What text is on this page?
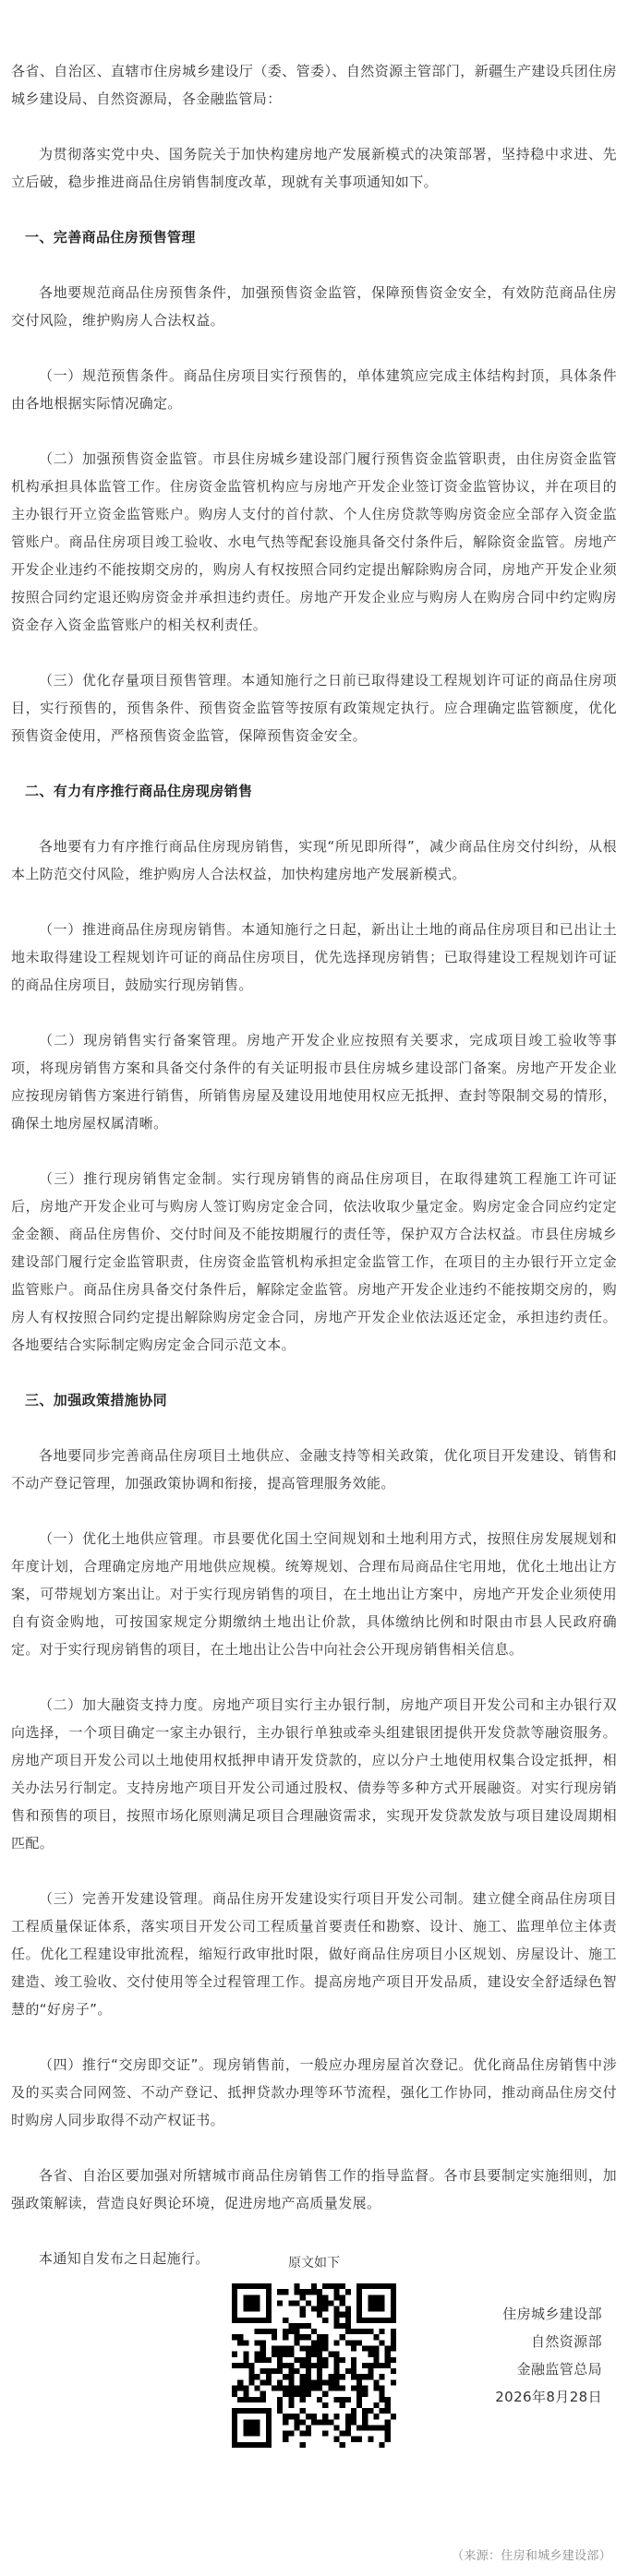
各省、自治区、直辖市住房城乡建设厅（委、管委）、自然资源主管部门，新疆生产建设兵团住房城乡建设局、自然资源局，各金融监管局：

为贯彻落实党中央、国务院关于加快构建房地产发展新模式的决策部署，坚持稳中求进、先立后破，稳步推进商品住房销售制度改革，现就有关事项通知如下。

一、完善商品住房预售管理

各地要规范商品住房预售条件，加强预售资金监管，保障预售资金安全，有效防范商品住房交付风险，维护购房人合法权益。

（一）规范预售条件。商品住房项目实行预售的，单体建筑应完成主体结构封顶，具体条件由各地根据实际情况确定。

（二）加强预售资金监管。市县住房城乡建设部门履行预售资金监管职责，由住房资金监管机构承担具体监管工作。住房资金监管机构应与房地产开发企业签订资金监管协议，并在项目的主办银行开立资金监管账户。购房人支付的首付款、个人住房贷款等购房资金应全部存入资金监管账户。商品住房项目竣工验收、水电气热等配套设施具备交付条件后，解除资金监管。房地产开发企业违约不能按期交房的，购房人有权按照合同约定提出解除购房合同，房地产开发企业须按照合同约定退还购房资金并承担违约责任。房地产开发企业应与购房人在购房合同中约定购房资金存入资金监管账户的相关权利责任。

（三）优化存量项目预售管理。本通知施行之日前已取得建设工程规划许可证的商品住房项目，实行预售的，预售条件、预售资金监管等按原有政策规定执行。应合理确定监管额度，优化预售资金使用，严格预售资金监管，保障预售资金安全。

二、有力有序推行商品住房现房销售

各地要有力有序推行商品住房现房销售，实现“所见即所得”，减少商品住房交付纠纷，从根本上防范交付风险，维护购房人合法权益，加快构建房地产发展新模式。

（一）推进商品住房现房销售。本通知施行之日起，新出让土地的商品住房项目和已出让土地未取得建设工程规划许可证的商品住房项目，优先选择现房销售；已取得建设工程规划许可证的商品住房项目，鼓励实行现房销售。

（二）现房销售实行备案管理。房地产开发企业应按照有关要求，完成项目竣工验收等事项，将现房销售方案和具备交付条件的有关证明报市县住房城乡建设部门备案。房地产开发企业应按现房销售方案进行销售，所销售房屋及建设用地使用权应无抵押、查封等限制交易的情形，确保土地房屋权属清晰。

（三）推行现房销售定金制。实行现房销售的商品住房项目，在取得建筑工程施工许可证后，房地产开发企业可与购房人签订购房定金合同，依法收取少量定金。购房定金合同应约定定金金额、商品住房售价、交付时间及不能按期履行的责任等，保护双方合法权益。市县住房城乡建设部门履行定金监管职责，住房资金监管机构承担定金监管工作，在项目的主办银行开立定金监管账户。商品住房具备交付条件后，解除定金监管。房地产开发企业违约不能按期交房的，购房人有权按照合同约定提出解除购房定金合同，房地产开发企业依法返还定金，承担违约责任。各地要结合实际制定购房定金合同示范文本。

三、加强政策措施协同

各地要同步完善商品住房项目土地供应、金融支持等相关政策，优化项目开发建设、销售和不动产登记管理，加强政策协调和衔接，提高管理服务效能。

（一）优化土地供应管理。市县要优化国土空间规划和土地利用方式，按照住房发展规划和年度计划，合理确定房地产用地供应规模。统筹规划、合理布局商品住宅用地，优化土地出让方案，可带规划方案出让。对于实行现房销售的项目，在土地出让方案中，房地产开发企业须使用自有资金购地，可按国家规定分期缴纳土地出让价款，具体缴纳比例和时限由市县人民政府确定。对于实行现房销售的项目，在土地出让公告中向社会公开现房销售相关信息。

（二）加大融资支持力度。房地产项目实行主办银行制，房地产项目开发公司和主办银行双向选择，一个项目确定一家主办银行，主办银行单独或牵头组建银团提供开发贷款等融资服务。房地产项目开发公司以土地使用权抵押申请开发贷款的，应以分户土地使用权集合设定抵押，相关办法另行制定。支持房地产项目开发公司通过股权、债券等多种方式开展融资。对实行现房销售和预售的项目，按照市场化原则满足项目合理融资需求，实现开发贷款发放与项目建设周期相匹配。

（三）完善开发建设管理。商品住房开发建设实行项目开发公司制。建立健全商品住房项目工程质量保证体系，落实项目开发公司工程质量首要责任和勘察、设计、施工、监理单位主体责任。优化工程建设审批流程，缩短行政审批时限，做好商品住房项目小区规划、房屋设计、施工建造、竣工验收、交付使用等全过程管理工作。提高房地产项目开发品质，建设安全舒适绿色智慧的“好房子”。

（四）推行“交房即交证”。现房销售前，一般应办理房屋首次登记。优化商品住房销售中涉及的买卖合同网签、不动产登记、抵押贷款办理等环节流程，强化工作协同，推动商品住房交付时购房人同步取得不动产权证书。

各省、自治区要加强对所辖城市商品住房销售工作的指导监督。各市县要制定实施细则，加强政策解读，营造良好舆论环境，促进房地产高质量发展。

本通知自发布之日起施行。

住房城乡建设部

自然资源部

金融监管总局

2026年8月28日

原文如下

（来源：住房和城乡建设部）
